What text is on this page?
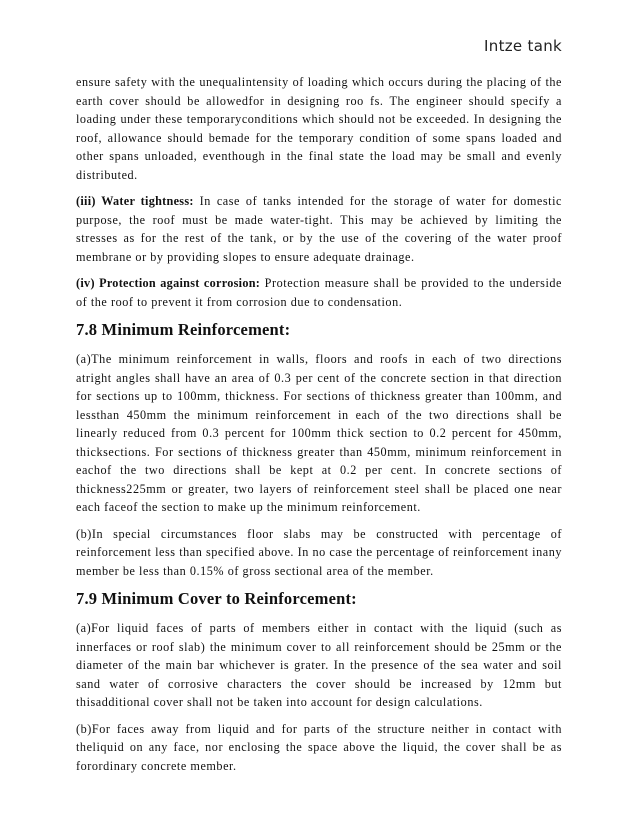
Intze tank

ensure safety with the unequalintensity of loading which occurs during the placing of the earth cover should be allowedfor in designing roo fs. The engineer should specify a loading under these temporaryconditions which should not be exceeded. In designing the roof, allowance should bemade for the temporary condition of some spans loaded and other spans unloaded, eventhough in the final state the load may be small and evenly distributed.

(iii) Water tightness: In case of tanks intended for the storage of water for domestic purpose, the roof must be made water-tight. This may be achieved by limiting the stresses as for the rest of the tank, or by the use of the covering of the water proof membrane or by providing slopes to ensure adequate drainage.

(iv) Protection against corrosion: Protection measure shall be provided to the underside of the roof to prevent it from corrosion due to condensation.

7.8 Minimum Reinforcement:

(a)The minimum reinforcement in walls, floors and roofs in each of two directions atright angles shall have an area of 0.3 per cent of the concrete section in that direction for sections up to 100mm, thickness. For sections of thickness greater than 100mm, and lessthan 450mm the minimum reinforcement in each of the two directions shall be linearly reduced from 0.3 percent for 100mm thick section to 0.2 percent for 450mm, thicksections. For sections of thickness greater than 450mm, minimum reinforcement in eachof the two directions shall be kept at 0.2 per cent. In concrete sections of thickness225mm or greater, two layers of reinforcement steel shall be placed one near each faceof the section to make up the minimum reinforcement.

(b)In special circumstances floor slabs may be constructed with percentage of reinforcement less than specified above. In no case the percentage of reinforcement inany member be less than 0.15% of gross sectional area of the member.

7.9 Minimum Cover to Reinforcement:

(a)For liquid faces of parts of members either in contact with the liquid (such as innerfaces or roof slab) the minimum cover to all reinforcement should be 25mm or the diameter of the main bar whichever is grater. In the presence of the sea water and soil sand water of corrosive characters the cover should be increased by 12mm but thisadditional cover shall not be taken into account for design calculations.

(b)For faces away from liquid and for parts of the structure neither in contact with theliquid on any face, nor enclosing the space above the liquid, the cover shall be as forordinary concrete member.
